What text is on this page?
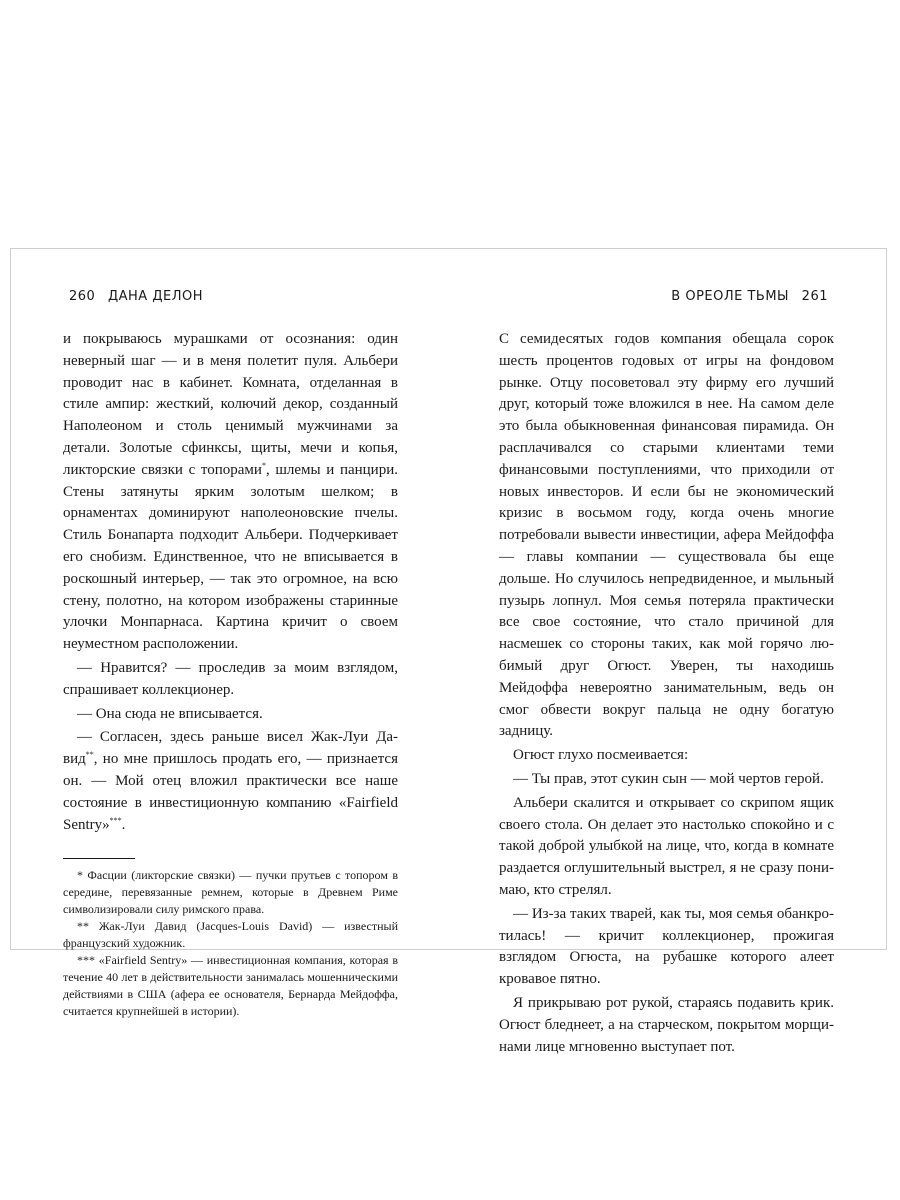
260 ДАНА ДЕЛОН	В ОРЕОЛЕ ТЬМЫ 261

и покрываюсь мурашками от осознания: один неверный шаг — и в меня полетит пуля. Альбери проводит нас в кабинет. Комната, отделанная в стиле ампир: жесткий, колючий декор, созданный Наполеоном и столь ценимый мужчинами за детали. Золотые сфинксы, щиты, мечи и копья, ликторские связки с топорами*, шлемы и панцири. Стены затянуты ярким золотым шелком; в орнаментах доминируют наполеоновские пчелы. Стиль Бонапарта подходит Альбери. Подчеркивает его снобизм. Единственное, что не вписывается в роскошный интерьер, — так это огромное, на всю стену, полотно, на котором изображены старинные улочки Монпарнаса. Картина кричит о своем неуместном расположении.

— Нравится? — проследив за моим взглядом, спрашивает коллекционер.

— Она сюда не вписывается.

— Согласен, здесь раньше висел Жак-Луи Давид**, но мне пришлось продать его, — признается он. — Мой отец вложил практически все наше состояние в инвестиционную компанию «Fairfield Sentry»***.

* Фасции (ликторские связки) — пучки прутьев с топором в середине, перевязанные ремнем, которые в Древнем Риме символизировали силу римского права.

** Жак-Луи Давид (Jacques-Louis David) — известный французский художник.

*** «Fairfield Sentry» — инвестиционная компания, которая в течение 40 лет в действительности занималась мошенническими действиями в США (афера ее основателя, Бернарда Мейдоффа, считается крупнейшей в истории).

С семидесятых годов компания обещала сорок шесть процентов годовых от игры на фондовом рынке. Отцу посоветовал эту фирму его лучший друг, который тоже вложился в нее. На самом деле это была обыкновенная финансовая пирамида. Он расплачивался со старыми клиентами теми финансовыми поступлениями, что приходили от новых инвесторов. И если бы не экономический кризис в восьмом году, когда очень многие потребовали вывести инвестиции, афера Мейдоффа — главы компании — существовала бы еще дольше. Но случилось непредвиденное, и мыльный пузырь лопнул. Моя семья потеряла практически все свое состояние, что стало причиной для насмешек со стороны таких, как мой горячо любимый друг Огюст. Уверен, ты находишь Мейдоффа невероятно занимательным, ведь он смог обвести вокруг пальца не одну богатую задницу.

Огюст глухо посмеивается:

— Ты прав, этот сукин сын — мой чертов герой.

Альбери скалится и открывает со скрипом ящик своего стола. Он делает это настолько спокойно и с такой доброй улыбкой на лице, что, когда в комнате раздается оглушительный выстрел, я не сразу понимаю, кто стрелял.

— Из-за таких тварей, как ты, моя семья обанкротилась! — кричит коллекционер, прожигая взглядом Огюста, на рубашке которого алеет кровавое пятно.

Я прикрываю рот рукой, стараясь подавить крик. Огюст бледнеет, а на старческом, покрытом морщинами лице мгновенно выступает пот.
